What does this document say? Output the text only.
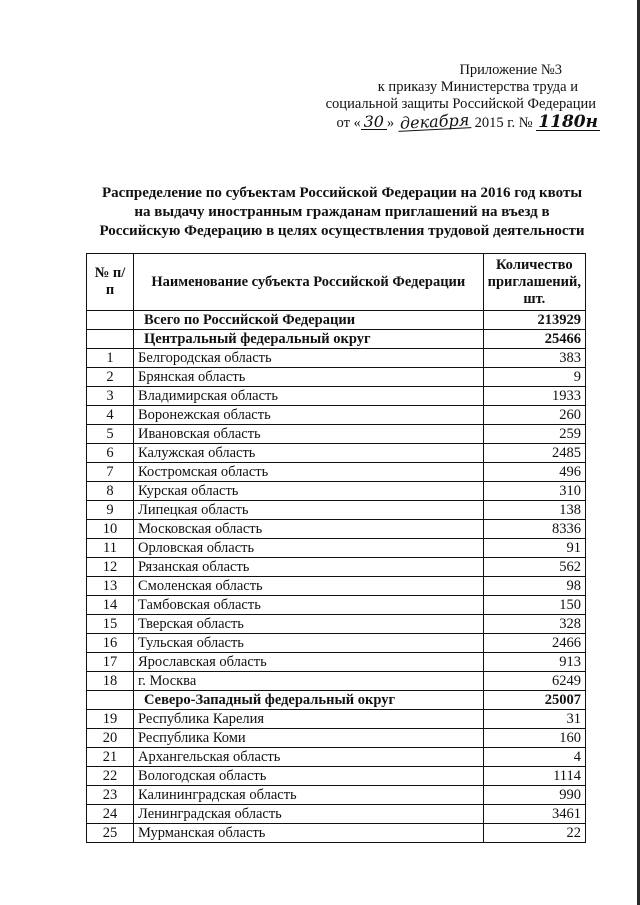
Приложение №3
к приказу Министерства труда и
социальной защиты Российской Федерации
от « 30 » декабря 2015 г. № 1180н
Распределение по субъектам Российской Федерации на 2016 год квоты
на выдачу иностранным гражданам приглашений на въезд в
Российскую Федерацию в целях осуществления трудовой деятельности
№ п/п	Наименование субъекта Российской Федерации	Количество приглашений, шт.
	Всего по Российской Федерации	213929
	Центральный федеральный округ	25466
1	Белгородская область	383
2	Брянская область	9
3	Владимирская область	1933
4	Воронежская область	260
5	Ивановская область	259
6	Калужская область	2485
7	Костромская область	496
8	Курская область	310
9	Липецкая область	138
10	Московская область	8336
11	Орловская область	91
12	Рязанская область	562
13	Смоленская область	98
14	Тамбовская область	150
15	Тверская область	328
16	Тульская область	2466
17	Ярославская область	913
18	г. Москва	6249
	Северо-Западный федеральный округ	25007
19	Республика Карелия	31
20	Республика Коми	160
21	Архангельская область	4
22	Вологодская область	1114
23	Калининградская область	990
24	Ленинградская область	3461
25	Мурманская область	22
